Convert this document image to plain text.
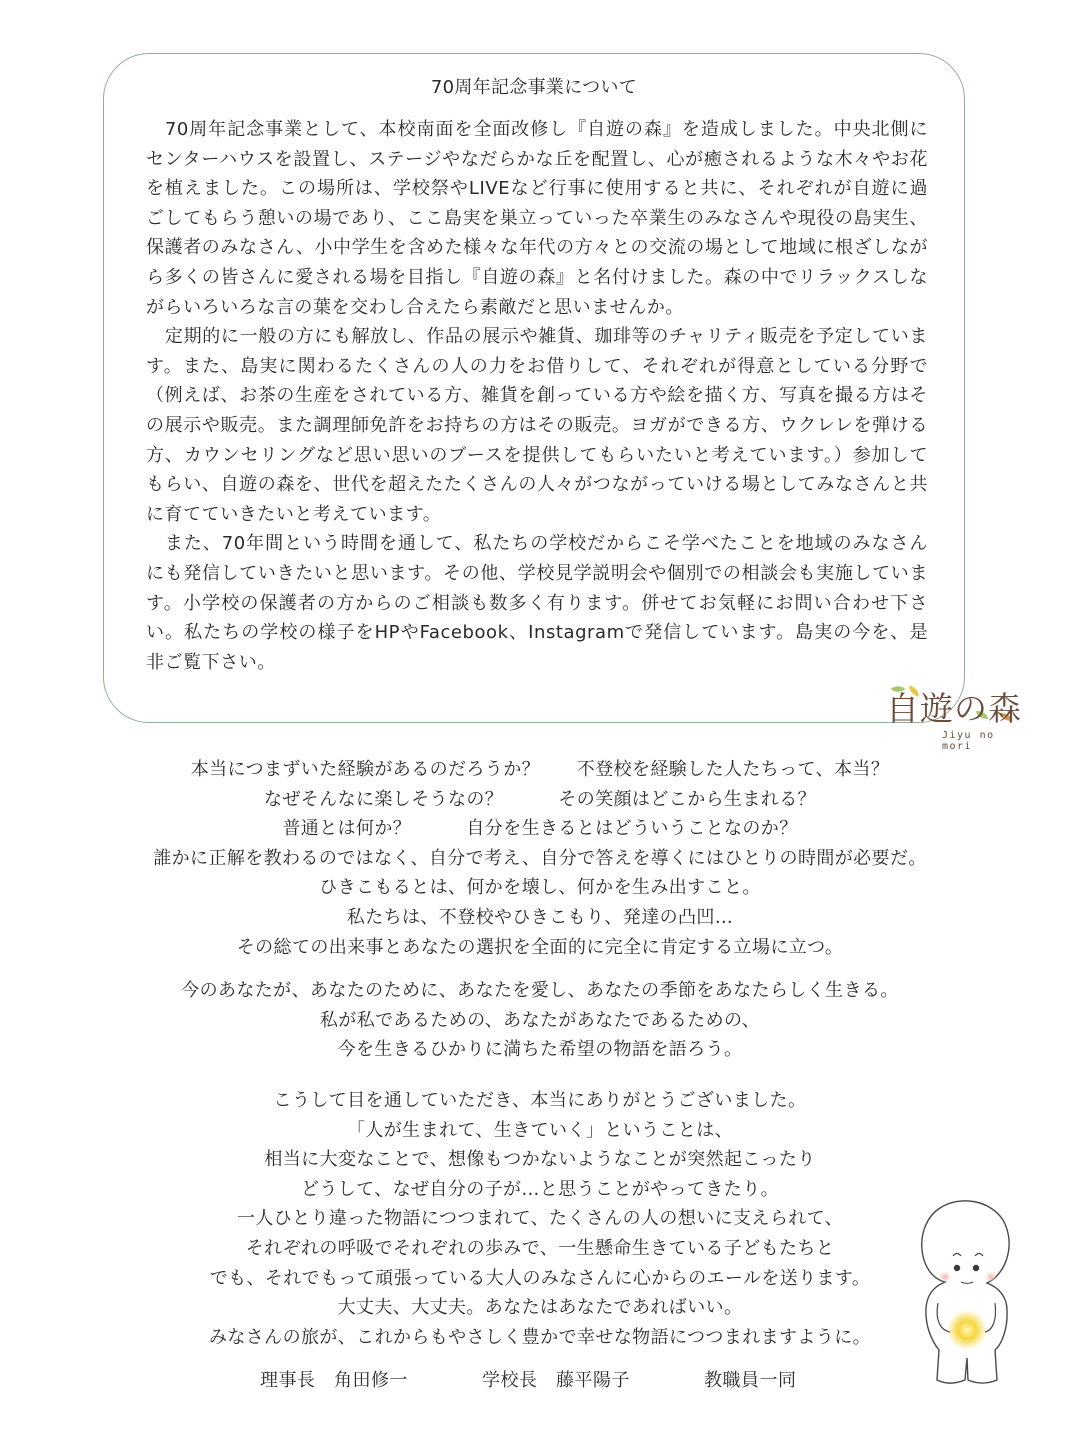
70周年記念事業について

70周年記念事業として、本校南面を全面改修し『自遊の森』を造成しました。中央北側にセンターハウスを設置し、ステージやなだらかな丘を配置し、心が癒されるような木々やお花を植えました。この場所は、学校祭やLIVEなど行事に使用すると共に、それぞれが自遊に過ごしてもらう憩いの場であり、ここ島実を巣立っていった卒業生のみなさんや現役の島実生、保護者のみなさん、小中学生を含めた様々な年代の方々との交流の場として地域に根ざしながら多くの皆さんに愛される場を目指し『自遊の森』と名付けました。森の中でリラックスしながらいろいろな言の葉を交わし合えたら素敵だと思いませんか。

定期的に一般の方にも解放し、作品の展示や雑貨、珈琲等のチャリティ販売を予定しています。また、島実に関わるたくさんの人の力をお借りして、それぞれが得意としている分野で（例えば、お茶の生産をされている方、雑貨を創っている方や絵を描く方、写真を撮る方はその展示や販売。また調理師免許をお持ちの方はその販売。ヨガができる方、ウクレレを弾ける方、カウンセリングなど思い思いのブースを提供してもらいたいと考えています。）参加してもらい、自遊の森を、世代を超えたたくさんの人々がつながっていける場としてみなさんと共に育てていきたいと考えています。

また、70年間という時間を通して、私たちの学校だからこそ学べたことを地域のみなさんにも発信していきたいと思います。その他、学校見学説明会や個別での相談会も実施しています。小学校の保護者の方からのご相談も数多く有ります。併せてお気軽にお問い合わせ下さい。私たちの学校の様子をHPやFacebook、Instagramで発信しています。島実の今を、是非ご覧下さい。

自遊の森
Jiyu no mori
本当につまずいた経験があるのだろうか？　　不登校を経験した人たちって、本当？
なぜそんなに楽しそうなの？　　　その笑顔はどこから生まれる？
普通とは何か？　　　自分を生きるとはどういうことなのか？
誰かに正解を教わるのではなく、自分で考え、自分で答えを導くにはひとりの時間が必要だ。
ひきこもるとは、何かを壊し、何かを生み出すこと。
私たちは、不登校やひきこもり、発達の凸凹…
その総ての出来事とあなたの選択を全面的に完全に肯定する立場に立つ。
今のあなたが、あなたのために、あなたを愛し、あなたの季節をあなたらしく生きる。
私が私であるための、あなたがあなたであるための、
今を生きるひかりに満ちた希望の物語を語ろう。
こうして目を通していただき、本当にありがとうございました。
「人が生まれて、生きていく」ということは、
相当に大変なことで、想像もつかないようなことが突然起こったり
どうして、なぜ自分の子が…と思うことがやってきたり。
一人ひとり違った物語につつまれて、たくさんの人の想いに支えられて、
それぞれの呼吸でそれぞれの歩みで、一生懸命生きている子どもたちと
でも、それでもって頑張っている大人のみなさんに心からのエールを送ります。
大丈夫、大丈夫。あなたはあなたであればいい。
みなさんの旅が、これからもやさしく豊かで幸せな物語につつまれますように。
理事長　角田修一　　　　	学校長　藤平陽子　　　　	教職員一同
